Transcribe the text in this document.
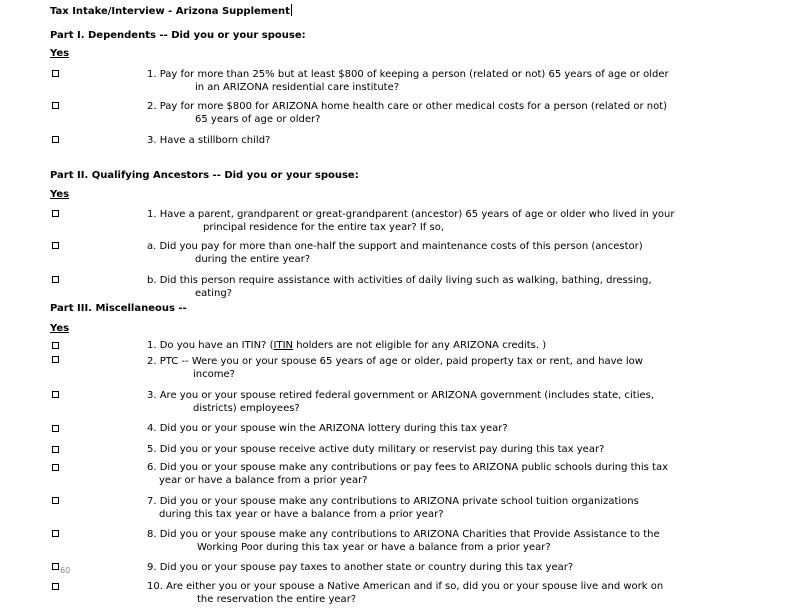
Tax Intake/Interview - Arizona Supplement
Part I. Dependents -- Did you or your spouse:
Yes
1. Pay for more than 25% but at least $800 of keeping a person (related or not) 65 years of age or older
in an ARIZONA residential care institute?
2. Pay for more $800 for ARIZONA home health care or other medical costs for a person (related or not)
65 years of age or older?
3. Have a stillborn child?
Part II. Qualifying Ancestors -- Did you or your spouse:
Yes
1. Have a parent, grandparent or great-grandparent (ancestor) 65 years of age or older who lived in your
principal residence for the entire tax year? If so,
a. Did you pay for more than one-half the support and maintenance costs of this person (ancestor)
during the entire year?
b. Did this person require assistance with activities of daily living such as walking, bathing, dressing,
eating?
Part III. Miscellaneous --
Yes
1. Do you have an ITIN? (ITIN holders are not eligible for any ARIZONA credits. )
2. PTC -- Were you or your spouse 65 years of age or older, paid property tax or rent, and have low
income?
3. Are you or your spouse retired federal government or ARIZONA government (includes state, cities,
districts) employees?
4. Did you or your spouse win the ARIZONA lottery during this tax year?
5. Did you or your spouse receive active duty military or reservist pay during this tax year?
6. Did you or your spouse make any contributions or pay fees to ARIZONA public schools during this tax
year or have a balance from a prior year?
7. Did you or your spouse make any contributions to ARIZONA private school tuition organizations
during this tax year or have a balance from a prior year?
8. Did you or your spouse make any contributions to ARIZONA Charities that Provide Assistance to the
Working Poor during this tax year or have a balance from a prior year?
60	9. Did you or your spouse pay taxes to another state or country during this tax year?
10. Are either you or your spouse a Native American and if so, did you or your spouse live and work on
the reservation the entire year?
